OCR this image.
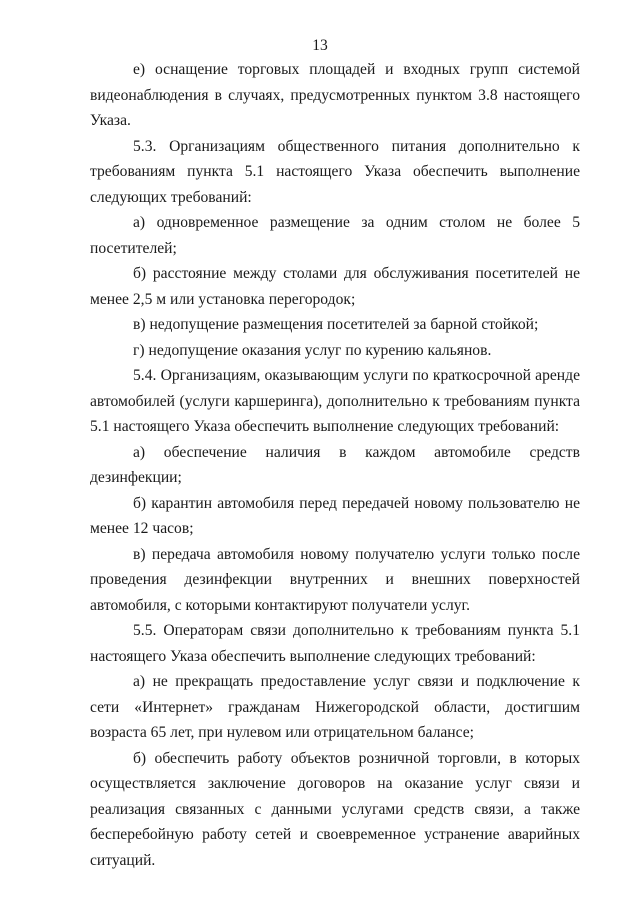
13

е) оснащение торговых площадей и входных групп системой видеонаблюдения в случаях, предусмотренных пунктом 3.8 настоящего Указа.

5.3. Организациям общественного питания дополнительно к требованиям пункта 5.1 настоящего Указа обеспечить выполнение следующих требований:

а) одновременное размещение за одним столом не более 5 посетителей;

б) расстояние между столами для обслуживания посетителей не менее 2,5 м или установка перегородок;

в) недопущение размещения посетителей за барной стойкой;

г) недопущение оказания услуг по курению кальянов.

5.4. Организациям, оказывающим услуги по краткосрочной аренде автомобилей (услуги каршеринга), дополнительно к требованиям пункта 5.1 настоящего Указа обеспечить выполнение следующих требований:

а) обеспечение наличия в каждом автомобиле средств дезинфекции;

б) карантин автомобиля перед передачей новому пользователю не менее 12 часов;

в) передача автомобиля новому получателю услуги только после проведения дезинфекции внутренних и внешних поверхностей автомобиля, с которыми контактируют получатели услуг.

5.5. Операторам связи дополнительно к требованиям пункта 5.1 настоящего Указа обеспечить выполнение следующих требований:

а) не прекращать предоставление услуг связи и подключение к сети «Интернет» гражданам Нижегородской области, достигшим возраста 65 лет, при нулевом или отрицательном балансе;

б) обеспечить работу объектов розничной торговли, в которых осуществляется заключение договоров на оказание услуг связи и реализация связанных с данными услугами средств связи, а также бесперебойную работу сетей и своевременное устранение аварийных ситуаций.
